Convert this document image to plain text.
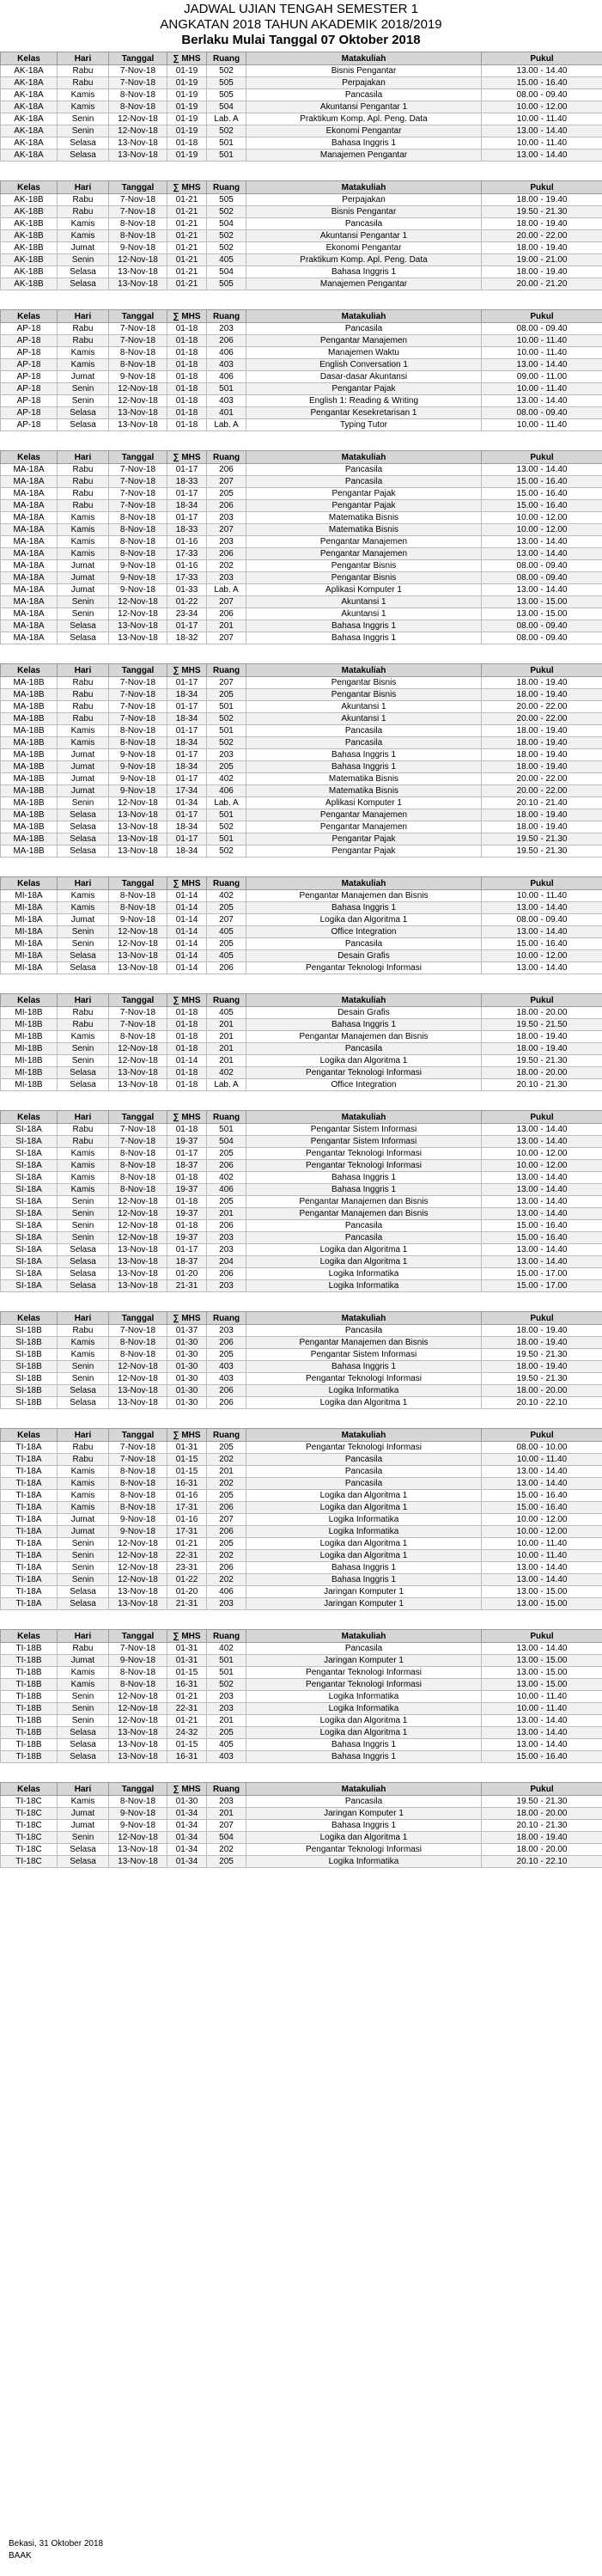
JADWAL UJIAN TENGAH SEMESTER 1
ANGKATAN 2018 TAHUN AKADEMIK 2018/2019
Berlaku Mulai Tanggal 07 Oktober 2018
Kelas	Hari	Tanggal	∑ MHS	Ruang	Matakuliah	Pukul
AK-18A	Rabu	7-Nov-18	01-19	502	Bisnis Pengantar	13.00 - 14.40
AK-18A	Rabu	7-Nov-18	01-19	505	Perpajakan	15.00 - 16.40
AK-18A	Kamis	8-Nov-18	01-19	505	Pancasila	08.00 - 09.40
AK-18A	Kamis	8-Nov-18	01-19	504	Akuntansi Pengantar 1	10.00 - 12.00
AK-18A	Senin	12-Nov-18	01-19	Lab. A	Praktikum Komp. Apl. Peng. Data	10.00 - 11.40
AK-18A	Senin	12-Nov-18	01-19	502	Ekonomi Pengantar	13.00 - 14.40
AK-18A	Selasa	13-Nov-18	01-18	501	Bahasa Inggris 1	10.00 - 11.40
AK-18A	Selasa	13-Nov-18	01-19	501	Manajemen Pengantar	13.00 - 14.40
Kelas	Hari	Tanggal	∑ MHS	Ruang	Matakuliah	Pukul
AK-18B	Rabu	7-Nov-18	01-21	505	Perpajakan	18.00 - 19.40
AK-18B	Rabu	7-Nov-18	01-21	502	Bisnis Pengantar	19.50 - 21.30
AK-18B	Kamis	8-Nov-18	01-21	504	Pancasila	18.00 - 19.40
AK-18B	Kamis	8-Nov-18	01-21	502	Akuntansi Pengantar 1	20.00 - 22.00
AK-18B	Jumat	9-Nov-18	01-21	502	Ekonomi Pengantar	18.00 - 19.40
AK-18B	Senin	12-Nov-18	01-21	405	Praktikum Komp. Apl. Peng. Data	19.00 - 21.00
AK-18B	Selasa	13-Nov-18	01-21	504	Bahasa Inggris 1	18.00 - 19.40
AK-18B	Selasa	13-Nov-18	01-21	505	Manajemen Pengantar	20.00 - 21.20
Kelas	Hari	Tanggal	∑ MHS	Ruang	Matakuliah	Pukul
AP-18	Rabu	7-Nov-18	01-18	203	Pancasila	08.00 - 09.40
AP-18	Rabu	7-Nov-18	01-18	206	Pengantar Manajemen	10.00 - 11.40
AP-18	Kamis	8-Nov-18	01-18	406	Manajemen Waktu	10.00 - 11.40
AP-18	Kamis	8-Nov-18	01-18	403	English Conversation 1	13.00 - 14.40
AP-18	Jumat	9-Nov-18	01-18	406	Dasar-dasar Akuntansi	09.00 - 11.00
AP-18	Senin	12-Nov-18	01-18	501	Pengantar Pajak	10.00 - 11.40
AP-18	Senin	12-Nov-18	01-18	403	English 1: Reading & Writing	13.00 - 14.40
AP-18	Selasa	13-Nov-18	01-18	401	Pengantar Kesekretarisan 1	08.00 - 09.40
AP-18	Selasa	13-Nov-18	01-18	Lab. A	Typing Tutor	10.00 - 11.40
Kelas	Hari	Tanggal	∑ MHS	Ruang	Matakuliah	Pukul
MA-18A	Rabu	7-Nov-18	01-17	206	Pancasila	13.00 - 14.40
MA-18A	Rabu	7-Nov-18	18-33	207	Pancasila	15.00 - 16.40
MA-18A	Rabu	7-Nov-18	01-17	205	Pengantar Pajak	15.00 - 16.40
MA-18A	Rabu	7-Nov-18	18-34	206	Pengantar Pajak	15.00 - 16.40
MA-18A	Kamis	8-Nov-18	01-17	203	Matematika Bisnis	10.00 - 12.00
MA-18A	Kamis	8-Nov-18	18-33	207	Matematika Bisnis	10.00 - 12.00
MA-18A	Kamis	8-Nov-18	01-16	203	Pengantar Manajemen	13.00 - 14.40
MA-18A	Kamis	8-Nov-18	17-33	206	Pengantar Manajemen	13.00 - 14.40
MA-18A	Jumat	9-Nov-18	01-16	202	Pengantar Bisnis	08.00 - 09.40
MA-18A	Jumat	9-Nov-18	17-33	203	Pengantar Bisnis	08.00 - 09.40
MA-18A	Jumat	9-Nov-18	01-33	Lab. A	Aplikasi Komputer 1	13.00 - 14.40
MA-18A	Senin	12-Nov-18	01-22	207	Akuntansi 1	13.00 - 15.00
MA-18A	Senin	12-Nov-18	23-34	206	Akuntansi 1	13.00 - 15.00
MA-18A	Selasa	13-Nov-18	01-17	201	Bahasa Inggris 1	08.00 - 09.40
MA-18A	Selasa	13-Nov-18	18-32	207	Bahasa Inggris 1	08.00 - 09.40
Kelas	Hari	Tanggal	∑ MHS	Ruang	Matakuliah	Pukul
MA-18B	Rabu	7-Nov-18	01-17	207	Pengantar Bisnis	18.00 - 19.40
MA-18B	Rabu	7-Nov-18	18-34	205	Pengantar Bisnis	18.00 - 19.40
MA-18B	Rabu	7-Nov-18	01-17	501	Akuntansi 1	20.00 - 22.00
MA-18B	Rabu	7-Nov-18	18-34	502	Akuntansi 1	20.00 - 22.00
MA-18B	Kamis	8-Nov-18	01-17	501	Pancasila	18.00 - 19.40
MA-18B	Kamis	8-Nov-18	18-34	502	Pancasila	18.00 - 19.40
MA-18B	Jumat	9-Nov-18	01-17	203	Bahasa Inggris 1	18.00 - 19.40
MA-18B	Jumat	9-Nov-18	18-34	205	Bahasa Inggris 1	18.00 - 19.40
MA-18B	Jumat	9-Nov-18	01-17	402	Matematika Bisnis	20.00 - 22.00
MA-18B	Jumat	9-Nov-18	17-34	406	Matematika Bisnis	20.00 - 22.00
MA-18B	Senin	12-Nov-18	01-34	Lab. A	Aplikasi Komputer 1	20.10 - 21.40
MA-18B	Selasa	13-Nov-18	01-17	501	Pengantar Manajemen	18.00 - 19.40
MA-18B	Selasa	13-Nov-18	18-34	502	Pengantar Manajemen	18.00 - 19.40
MA-18B	Selasa	13-Nov-18	01-17	501	Pengantar Pajak	19.50 - 21.30
MA-18B	Selasa	13-Nov-18	18-34	502	Pengantar Pajak	19.50 - 21.30
Kelas	Hari	Tanggal	∑ MHS	Ruang	Matakuliah	Pukul
MI-18A	Kamis	8-Nov-18	01-14	402	Pengantar Manajemen dan Bisnis	10.00 - 11.40
MI-18A	Kamis	8-Nov-18	01-14	205	Bahasa Inggris 1	13.00 - 14.40
MI-18A	Jumat	9-Nov-18	01-14	207	Logika dan Algoritma 1	08.00 - 09.40
MI-18A	Senin	12-Nov-18	01-14	405	Office Integration	13.00 - 14.40
MI-18A	Senin	12-Nov-18	01-14	205	Pancasila	15.00 - 16.40
MI-18A	Selasa	13-Nov-18	01-14	405	Desain Grafis	10.00 - 12.00
MI-18A	Selasa	13-Nov-18	01-14	206	Pengantar Teknologi Informasi	13.00 - 14.40
Kelas	Hari	Tanggal	∑ MHS	Ruang	Matakuliah	Pukul
MI-18B	Rabu	7-Nov-18	01-18	405	Desain Grafis	18.00 - 20.00
MI-18B	Rabu	7-Nov-18	01-18	201	Bahasa Inggris 1	19.50 - 21.50
MI-18B	Kamis	8-Nov-18	01-18	201	Pengantar Manajemen dan Bisnis	18.00 - 19.40
MI-18B	Senin	12-Nov-18	01-18	201	Pancasila	18.00 - 19.40
MI-18B	Senin	12-Nov-18	01-14	201	Logika dan Algoritma 1	19.50 - 21.30
MI-18B	Selasa	13-Nov-18	01-18	402	Pengantar Teknologi Informasi	18.00 - 20.00
MI-18B	Selasa	13-Nov-18	01-18	Lab. A	Office Integration	20.10 - 21.30
Kelas	Hari	Tanggal	∑ MHS	Ruang	Matakuliah	Pukul
SI-18A	Rabu	7-Nov-18	01-18	501	Pengantar Sistem Informasi	13.00 - 14.40
SI-18A	Rabu	7-Nov-18	19-37	504	Pengantar Sistem Informasi	13.00 - 14.40
SI-18A	Kamis	8-Nov-18	01-17	205	Pengantar Teknologi Informasi	10.00 - 12.00
SI-18A	Kamis	8-Nov-18	18-37	206	Pengantar Teknologi Informasi	10.00 - 12.00
SI-18A	Kamis	8-Nov-18	01-18	402	Bahasa Inggris 1	13.00 - 14.40
SI-18A	Kamis	8-Nov-18	19-37	406	Bahasa Inggris 1	13.00 - 14.40
SI-18A	Senin	12-Nov-18	01-18	205	Pengantar Manajemen dan Bisnis	13.00 - 14.40
SI-18A	Senin	12-Nov-18	19-37	201	Pengantar Manajemen dan Bisnis	13.00 - 14.40
SI-18A	Senin	12-Nov-18	01-18	206	Pancasila	15.00 - 16.40
SI-18A	Senin	12-Nov-18	19-37	203	Pancasila	15.00 - 16.40
SI-18A	Selasa	13-Nov-18	01-17	203	Logika dan Algoritma 1	13.00 - 14.40
SI-18A	Selasa	13-Nov-18	18-37	204	Logika dan Algoritma 1	13.00 - 14.40
SI-18A	Selasa	13-Nov-18	01-20	206	Logika Informatika	15.00 - 17.00
SI-18A	Selasa	13-Nov-18	21-31	203	Logika Informatika	15.00 - 17.00
Kelas	Hari	Tanggal	∑ MHS	Ruang	Matakuliah	Pukul
SI-18B	Rabu	7-Nov-18	01-37	203	Pancasila	18.00 - 19.40
SI-18B	Kamis	8-Nov-18	01-30	206	Pengantar Manajemen dan Bisnis	18.00 - 19.40
SI-18B	Kamis	8-Nov-18	01-30	205	Pengantar Sistem Informasi	19.50 - 21.30
SI-18B	Senin	12-Nov-18	01-30	403	Bahasa Inggris 1	18.00 - 19.40
SI-18B	Senin	12-Nov-18	01-30	403	Pengantar Teknologi Informasi	19.50 - 21.30
SI-18B	Selasa	13-Nov-18	01-30	206	Logika Informatika	18.00 - 20.00
SI-18B	Selasa	13-Nov-18	01-30	206	Logika dan Algoritma 1	20.10 - 22.10
Kelas	Hari	Tanggal	∑ MHS	Ruang	Matakuliah	Pukul
TI-18A	Rabu	7-Nov-18	01-31	205	Pengantar Teknologi Informasi	08.00 - 10.00
TI-18A	Rabu	7-Nov-18	01-15	202	Pancasila	10.00 - 11.40
TI-18A	Kamis	8-Nov-18	01-15	201	Pancasila	13.00 - 14.40
TI-18A	Kamis	8-Nov-18	16-31	202	Pancasila	13.00 - 14.40
TI-18A	Kamis	8-Nov-18	01-16	205	Logika dan Algoritma 1	15.00 - 16.40
TI-18A	Kamis	8-Nov-18	17-31	206	Logika dan Algoritma 1	15.00 - 16.40
TI-18A	Jumat	9-Nov-18	01-16	207	Logika Informatika	10.00 - 12.00
TI-18A	Jumat	9-Nov-18	17-31	206	Logika Informatika	10.00 - 12.00
TI-18A	Senin	12-Nov-18	01-21	205	Logika dan Algoritma 1	10.00 - 11.40
TI-18A	Senin	12-Nov-18	22-31	202	Logika dan Algoritma 1	10.00 - 11.40
TI-18A	Senin	12-Nov-18	23-31	206	Bahasa Inggris 1	13.00 - 14.40
TI-18A	Senin	12-Nov-18	01-22	202	Bahasa Inggris 1	13.00 - 14.40
TI-18A	Selasa	13-Nov-18	01-20	406	Jaringan Komputer 1	13.00 - 15.00
TI-18A	Selasa	13-Nov-18	21-31	203	Jaringan Komputer 1	13.00 - 15.00
Kelas	Hari	Tanggal	∑ MHS	Ruang	Matakuliah	Pukul
TI-18B	Rabu	7-Nov-18	01-31	402	Pancasila	13.00 - 14.40
TI-18B	Jumat	9-Nov-18	01-31	501	Jaringan Komputer 1	13.00 - 15.00
TI-18B	Kamis	8-Nov-18	01-15	501	Pengantar Teknologi Informasi	13.00 - 15.00
TI-18B	Kamis	8-Nov-18	16-31	502	Pengantar Teknologi Informasi	13.00 - 15.00
TI-18B	Senin	12-Nov-18	01-21	203	Logika Informatika	10.00 - 11.40
TI-18B	Senin	12-Nov-18	22-31	203	Logika Informatika	10.00 - 11.40
TI-18B	Senin	12-Nov-18	01-21	201	Logika dan Algoritma 1	13.00 - 14.40
TI-18B	Selasa	13-Nov-18	24-32	205	Logika dan Algoritma 1	13.00 - 14.40
TI-18B	Selasa	13-Nov-18	01-15	405	Bahasa Inggris 1	13.00 - 14.40
TI-18B	Selasa	13-Nov-18	16-31	403	Bahasa Inggris 1	15.00 - 16.40
Kelas	Hari	Tanggal	∑ MHS	Ruang	Matakuliah	Pukul
TI-18C	Kamis	8-Nov-18	01-30	203	Pancasila	19.50 - 21.30
TI-18C	Jumat	9-Nov-18	01-34	201	Jaringan Komputer 1	18.00 - 20.00
TI-18C	Jumat	9-Nov-18	01-34	207	Bahasa Inggris 1	20.10 - 21.30
TI-18C	Senin	12-Nov-18	01-34	504	Logika dan Algoritma 1	18.00 - 19.40
TI-18C	Selasa	13-Nov-18	01-34	202	Pengantar Teknologi Informasi	18.00 - 20.00
TI-18C	Selasa	13-Nov-18	01-34	205	Logika Informatika	20.10 - 22.10
Bekasi, 31 Oktober 2018
BAAK
